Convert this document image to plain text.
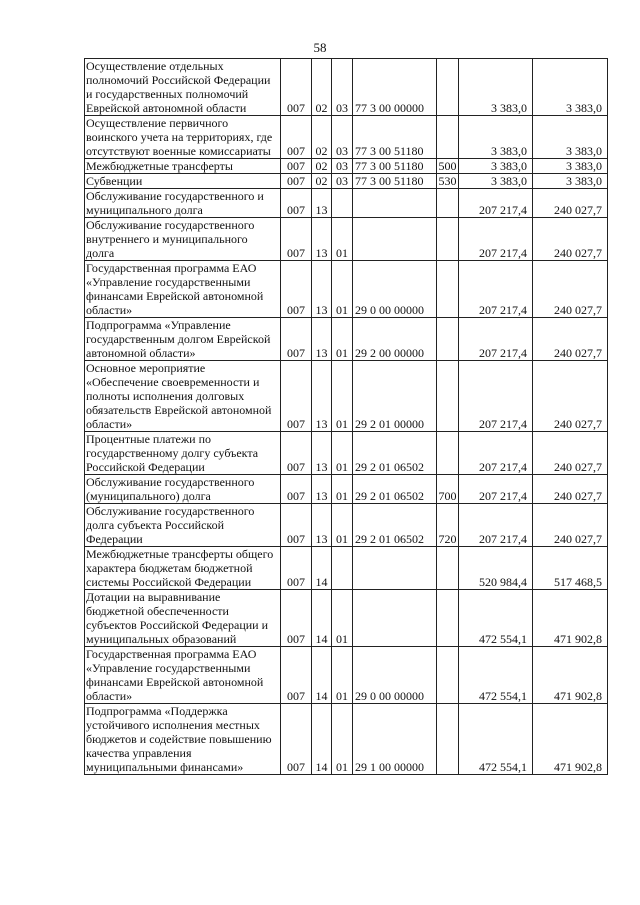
58
Осуществление отдельных полномочий Российской Федерации и государственных полномочий Еврейской автономной области	007	02	03	77 3 00 00000		3 383,0	3 383,0
Осуществление первичного воинского учета на территориях, где отсутствуют военные комиссариаты	007	02	03	77 3 00 51180		3 383,0	3 383,0
Межбюджетные трансферты	007	02	03	77 3 00 51180	500	3 383,0	3 383,0
Субвенции	007	02	03	77 3 00 51180	530	3 383,0	3 383,0
Обслуживание государственного и муниципального долга	007	13				207 217,4	240 027,7
Обслуживание государственного внутреннего и муниципального долга	007	13	01			207 217,4	240 027,7
Государственная программа ЕАО «Управление государственными финансами Еврейской автономной области»	007	13	01	29 0 00 00000		207 217,4	240 027,7
Подпрограмма «Управление государственным долгом Еврейской автономной области»	007	13	01	29 2 00 00000		207 217,4	240 027,7
Основное мероприятие «Обеспечение своевременности и полноты исполнения долговых обязательств Еврейской автономной области»	007	13	01	29 2 01 00000		207 217,4	240 027,7
Процентные платежи по государственному долгу субъекта Российской Федерации	007	13	01	29 2 01 06502		207 217,4	240 027,7
Обслуживание государственного (муниципального) долга	007	13	01	29 2 01 06502	700	207 217,4	240 027,7
Обслуживание государственного долга субъекта Российской Федерации	007	13	01	29 2 01 06502	720	207 217,4	240 027,7
Межбюджетные трансферты общего характера бюджетам бюджетной системы Российской Федерации	007	14				520 984,4	517 468,5
Дотации на выравнивание бюджетной обеспеченности субъектов Российской Федерации и муниципальных образований	007	14	01			472 554,1	471 902,8
Государственная программа ЕАО «Управление государственными финансами Еврейской автономной области»	007	14	01	29 0 00 00000		472 554,1	471 902,8
Подпрограмма «Поддержка устойчивого исполнения местных бюджетов и содействие повышению качества управления муниципальными финансами»	007	14	01	29 1 00 00000		472 554,1	471 902,8
